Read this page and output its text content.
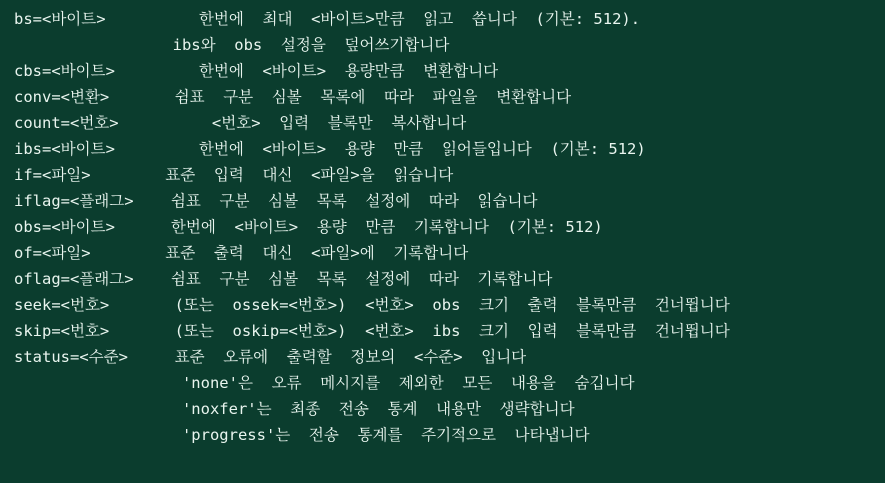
bs=<바이트>          한번에  최대  <바이트>만큼  읽고  씁니다  (기본: 512).
ibs와  obs  설정을  덮어쓰기합니다
cbs=<바이트>         한번에  <바이트>  용량만큼  변환합니다
conv=<변환>       쉼표  구분  심볼  목록에  따라  파일을  변환합니다
count=<번호>          <번호>  입력  블록만  복사합니다
ibs=<바이트>         한번에  <바이트>  용량  만큼  읽어들입니다  (기본: 512)
if=<파일>        표준  입력  대신  <파일>을  읽습니다
iflag=<플래그>    쉼표  구분  심볼  목록  설정에  따라  읽습니다
obs=<바이트>      한번에  <바이트>  용량  만큼  기록합니다  (기본: 512)
of=<파일>        표준  출력  대신  <파일>에  기록합니다
oflag=<플래그>    쉼표  구분  심볼  목록  설정에  따라  기록합니다
seek=<번호>       (또는  ossek=<번호>)  <번호>  obs  크기  출력  블록만큼  건너뜁니다
skip=<번호>       (또는  oskip=<번호>)  <번호>  ibs  크기  입력  블록만큼  건너뜁니다
status=<수준>     표준  오류에  출력할  정보의  <수준>  입니다
'none'은  오류  메시지를  제외한  모든  내용을  숨깁니다
'noxfer'는  최종  전송  통계  내용만  생략합니다
'progress'는  전송  통계를  주기적으로  나타냅니다
